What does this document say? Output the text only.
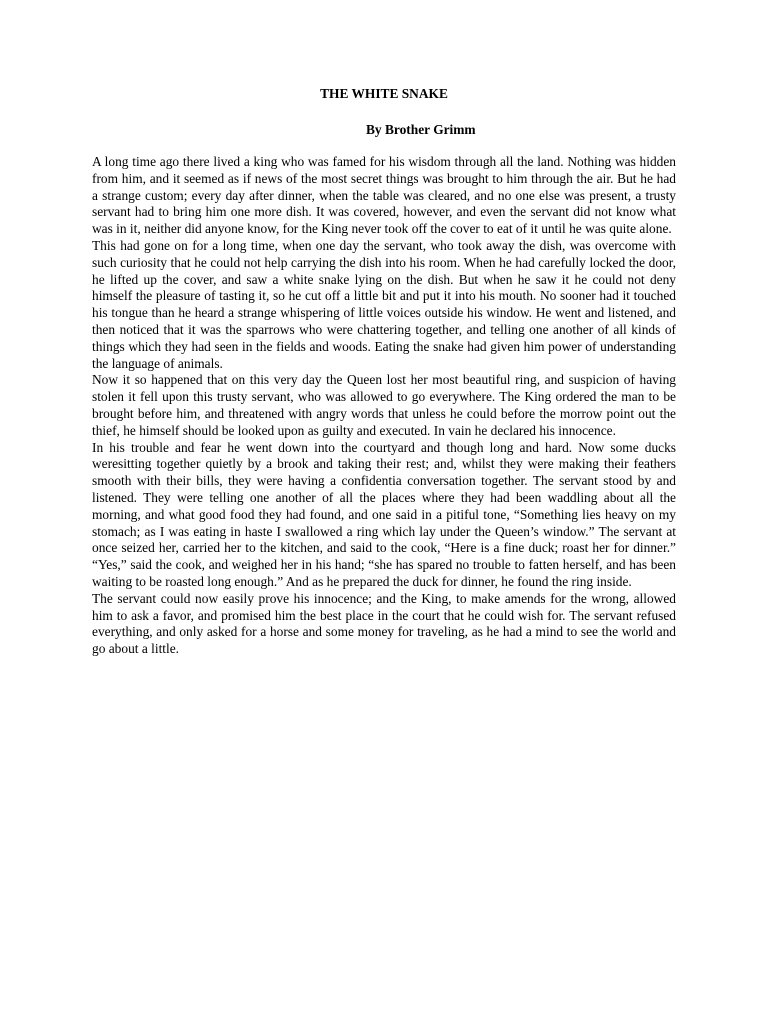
THE WHITE SNAKE
By Brother Grimm

A long time ago there lived a king who was famed for his wisdom through all the land. Nothing was hidden from him, and it seemed as if news of the most secret things was brought to him through the air. But he had a strange custom; every day after dinner, when the table was cleared, and no one else was present, a trusty servant had to bring him one more dish. It was covered, however, and even the servant did not know what was in it, neither did anyone know, for the King never took off the cover to eat of it until he was quite alone.

This had gone on for a long time, when one day the servant, who took away the dish, was overcome with such curiosity that he could not help carrying the dish into his room. When he had carefully locked the door, he lifted up the cover, and saw a white snake lying on the dish. But when he saw it he could not deny himself the pleasure of tasting it, so he cut off a little bit and put it into his mouth. No sooner had it touched his tongue than he heard a strange whispering of little voices outside his window. He went and listened, and then noticed that it was the sparrows who were chattering together, and telling one another of all kinds of things which they had seen in the fields and woods. Eating the snake had given him power of understanding the language of animals.

Now it so happened that on this very day the Queen lost her most beautiful ring, and suspicion of having stolen it fell upon this trusty servant, who was allowed to go everywhere. The King ordered the man to be brought before him, and threatened with angry words that unless he could before the morrow point out the thief, he himself should be looked upon as guilty and executed. In vain he declared his innocence.

In his trouble and fear he went down into the courtyard and though long and hard. Now some ducks weresitting together quietly by a brook and taking their rest; and, whilst they were making their feathers smooth with their bills, they were having a confidentia conversation together. The servant stood by and listened. They were telling one another of all the places where they had been waddling about all the morning, and what good food they had found, and one said in a pitiful tone, “Something lies heavy on my stomach; as I was eating in haste I swallowed a ring which lay under the Queen’s window.” The servant at once seized her, carried her to the kitchen, and said to the cook, “Here is a fine duck; roast her for dinner.” “Yes,” said the cook, and weighed her in his hand; “she has spared no trouble to fatten herself, and has been waiting to be roasted long enough.” And as he prepared the duck for dinner, he found the ring inside.

The servant could now easily prove his innocence; and the King, to make amends for the wrong, allowed him to ask a favor, and promised him the best place in the court that he could wish for. The servant refused everything, and only asked for a horse and some money for traveling, as he had a mind to see the world and go about a little.
